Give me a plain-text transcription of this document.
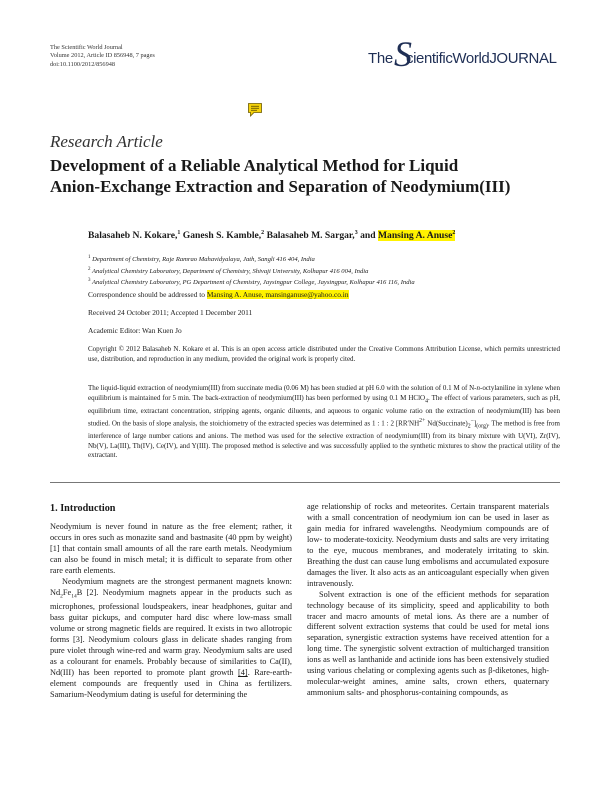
The Scientific World Journal
Volume 2012, Article ID 856948, 7 pages
doi:10.1100/2012/856948	The S
cientificWorldJOURNAL
Research Article
Development of a Reliable Analytical Method for Liquid
Anion-Exchange Extraction and Separation of Neodymium(III)
Balasaheb N. Kokare,$^1$ Ganesh S. Kamble,$^2$ Balasaheb M. Sargar,$^3$ and Mansing A. Anuse$^2$
$^1$ Department of Chemistry, Raje Ramrao Mahavidyalaya, Jath, Sangli 416 404, India
$^2$ Analytical Chemistry Laboratory, Department of Chemistry, Shivaji University, Kolhapur 416 004, India
$^3$ Analytical Chemistry Laboratory, PG Department of Chemistry, Jaysingpur College, Jaysingpur, Kolhapur 416 116, India
Correspondence should be addressed to Mansing A. Anuse, mansinganuse@yahoo.co.in
Received 24 October 2011; Accepted 1 December 2011
Academic Editor: Wan Kuen Jo
Copyright © 2012 Balasaheb N. Kokare et al. This is an open access article distributed under the Creative Commons Attribution License, which permits unrestricted use, distribution, and reproduction in any medium, provided the original work is properly cited.
The liquid-liquid extraction of neodymium(III) from succinate media (0.06 M) has been studied at pH 6.0 with the solution of 0.1 M of N-n-octylaniline in xylene when equilibrium is maintained for 5 min. The back-extraction of neodymium(III) has been performed by using 0.1 M HClO$_4$. The effect of various parameters, such as pH, equilibrium time, extractant concentration, stripping agents, organic diluents, and aqueous to organic volume ratio on the extraction of neodymium(III) has been studied. On the basis of slope analysis, the stoichiometry of the extracted species was determined as 1 : 1 : 2 [$RR'NH^{2+}$ $Nd(Succinate)_2^-]_{(org)}$. The method is free from interference of large number cations and anions. The method was used for the selective extraction of neodymium(III) from its binary mixture with U(VI), Zr(IV), Nb(V), La(III), Th(IV), Ce(IV), and Y(III). The proposed method is selective and was successfully applied to the synthetic mixtures to show the practical utility of the extractant.
1. Introduction

Neodymium is never found in nature as the free element; rather, it occurs in ores such as monazite sand and bastnasite (40 ppm by weight) [1] that contain small amounts of all the rare earth metals. Neodymium can also be found in misch metal; it is difficult to separate from other rare earth elements.

Neodymium magnets are the strongest permanent magnets known: $Nd_2Fe_{14}B$ [2]. Neodymium magnets appear in the products such as microphones, professional loudspeakers, inear headphones, guitar and bass guitar pickups, and computer hard disc where low-mass small volume or strong magnetic fields are required. It exists in two allotropic forms [3]. Neodymium colours glass in delicate shades ranging from pure violet through wine-red and warm gray. Neodymium salts are used as a colourant for enamels. Probably because of similarities to Ca(II), Nd(III) has been reported to promote plant growth [4]. Rare-earth-element compounds are frequently used in China as fertilizers. Samarium-Neodymium dating is useful for determining the

age relationship of rocks and meteorites. Certain transparent materials with a small concentration of neodymium ion can be used in laser as gain media for infrared wavelengths. Neodymium compounds are of low- to moderate-toxicity. Neodymium dusts and salts are very irritating to the eye, mucous membranes, and moderately irritating to skin. Breathing the dust can cause lung embolisms and accumulated exposure damages the liver. It also acts as an anticoagulant especially when given intravenously.

Solvent extraction is one of the efficient methods for separation technology because of its simplicity, speed and applicability to both tracer and macro amounts of metal ions. As there are a number of different solvent extraction systems that could be used for metal ions separation, synergistic extraction systems have received attention for a long time. The synergistic solvent extraction of multicharged transition ions as well as lanthanide and actinide ions has been extensively studied using various chelating or complexing agents such as β-diketones, high-molecular-weight amines, amine salts, crown ethers, quaternary ammonium salts- and phosphorus-containing compounds, as
